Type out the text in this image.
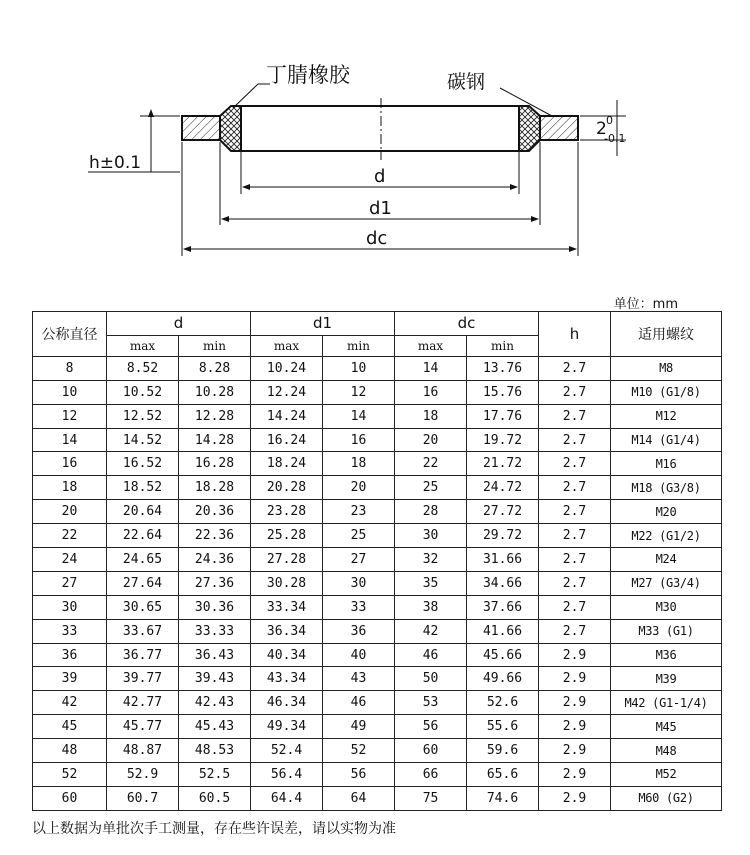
丁腈橡胶	碳钢
h±0.1
2 0
-0.1
d
d1
dc
单位：mm
公称直径	d		d1		dc		h	适用螺纹
	max	min	max	min	max	min		
8	8.52	8.28	10.24	10	14	13.76	2.7	M8
10	10.52	10.28	12.24	12	16	15.76	2.7	M10 (G1/8)
12	12.52	12.28	14.24	14	18	17.76	2.7	M12
14	14.52	14.28	16.24	16	20	19.72	2.7	M14 (G1/4)
16	16.52	16.28	18.24	18	22	21.72	2.7	M16
18	18.52	18.28	20.28	20	25	24.72	2.7	M18 (G3/8)
20	20.64	20.36	23.28	23	28	27.72	2.7	M20
22	22.64	22.36	25.28	25	30	29.72	2.7	M22 (G1/2)
24	24.65	24.36	27.28	27	32	31.66	2.7	M24
27	27.64	27.36	30.28	30	35	34.66	2.7	M27 (G3/4)
30	30.65	30.36	33.34	33	38	37.66	2.7	M30
33	33.67	33.33	36.34	36	42	41.66	2.7	M33 (G1)
36	36.77	36.43	40.34	40	46	45.66	2.9	M36
39	39.77	39.43	43.34	43	50	49.66	2.9	M39
42	42.77	42.43	46.34	46	53	52.6	2.9	M42 (G1-1/4)
45	45.77	45.43	49.34	49	56	55.6	2.9	M45
48	48.87	48.53	52.4	52	60	59.6	2.9	M48
52	52.9	52.5	56.4	56	66	65.6	2.9	M52
60	60.7	60.5	64.4	64	75	74.6	2.9	M60 (G2)
以上数据为单批次手工测量，存在些许误差，请以实物为准
